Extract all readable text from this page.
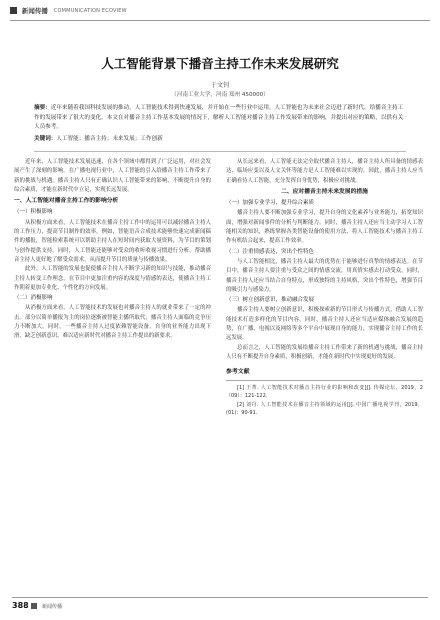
新闻传播 COMMUNICATION ECOVIEW
人工智能背景下播音主持工作未来发展研究
于文钊
（河南工业大学，河南 郑州 450000）
摘要：近年来随着我国科技发展的推动，人工智能技术得到快速发展，并开始在一些行业中运用，人工智能也为未来社会迈进了新时代，给播音主持工作的发展带来了很大的变化。本文在对播音主持工作基本发展的情况下，解析人工智能对播音主持工作发展带来的影响，并提出对应的策略，以供有关人员参考。
关键词：人工智能；播音主持；未来发展；工作创新

近年来，人工智能技术发展迅速，在各个领域中都得到了广泛运用，对社会发展产生了深刻的影响。在广播电视行业中，人工智能的引入给播音主持工作带来了新的挑战与机遇。播音主持人只有正确认识人工智能带来的影响，不断提升自身的综合素质，才能在新时代中立足，实现长远发展。

一、人工智能对播音主持工作的影响分析
（一）积极影响

从积极方面来看，人工智能技术在播音主持工作中的运用可以减轻播音主持人的工作压力，提高节目制作的效率。例如，智能语音合成技术能够快速完成新闻稿件的播报，智能检索系统可以帮助主持人在短时间内获取大量资料，为节目的策划与创作提供支持。同时，人工智能还能够对受众的收听收视习惯进行分析，帮助播音主持人更好地了解受众需求，从而提升节目的质量与传播效果。

此外，人工智能的发展也促使播音主持人不断学习新的知识与技能，推动播音主持人转变工作理念，在节目中更加注重内容的深度与情感的表达，使播音主持工作朝着更加专业化、个性化的方向发展。

（二）消极影响

从消极方面来看，人工智能技术的发展也对播音主持人的就业带来了一定的冲击。部分以简单播报为主的岗位逐渐被智能主播所取代，播音主持人面临的竞争压力不断加大。同时，一些播音主持人过度依赖智能设备，自身的业务能力出现下滑，缺乏创新意识，难以适应新时代对播音主持工作提出的新要求。

从长远来看，人工智能无法完全取代播音主持人，播音主持人所具备的情感表达、临场应变以及人文关怀等能力是人工智能难以实现的。因此，播音主持人应当正确看待人工智能，充分发挥自身优势，积极应对挑战。

二、应对播音主持未来发展的措施
（一）加强专业学习，提升综合素质

播音主持人要不断加强专业学习，提升自身的文化素养与业务能力，拓宽知识面，增强对新闻事件的分析与判断能力。同时，播音主持人还应当主动学习人工智能相关的知识，熟练掌握各类智能设备的使用方法，将人工智能技术与播音主持工作有机结合起来，提高工作效率。

（二）注重情感表达，突出个性特色

与人工智能相比，播音主持人最大的优势在于能够进行真挚的情感表达。在节目中，播音主持人要注重与受众之间的情感交流，用真情实感去打动受众。同时，播音主持人还应当结合自身特点，形成独特的主持风格，突出个性特色，增强节目的吸引力与感染力。

（三）树立创新意识，推动融合发展

播音主持人要树立创新意识，积极探索新的节目形式与传播方式，借助人工智能技术打造多样化的节目内容。同时，播音主持人还应当适应媒体融合发展的趋势，在广播、电视以及网络等多个平台中展现自身的能力，实现播音主持工作的长远发展。

总而言之，人工智能的发展给播音主持工作带来了新的机遇与挑战，播音主持人只有不断提升自身素质，积极创新，才能在新时代中实现更好的发展。

参考文献

[1] 王菁. 人工智能技术对播音主持行业的影响和改变[J]. 传媒论坛，2019，2（09）：121-122.

[2] 刘丹. 人工智能技术在播音主持领域的运用[J]. 中国广播电视学刊，2019，(01)：90-91.

388	新闻传播
